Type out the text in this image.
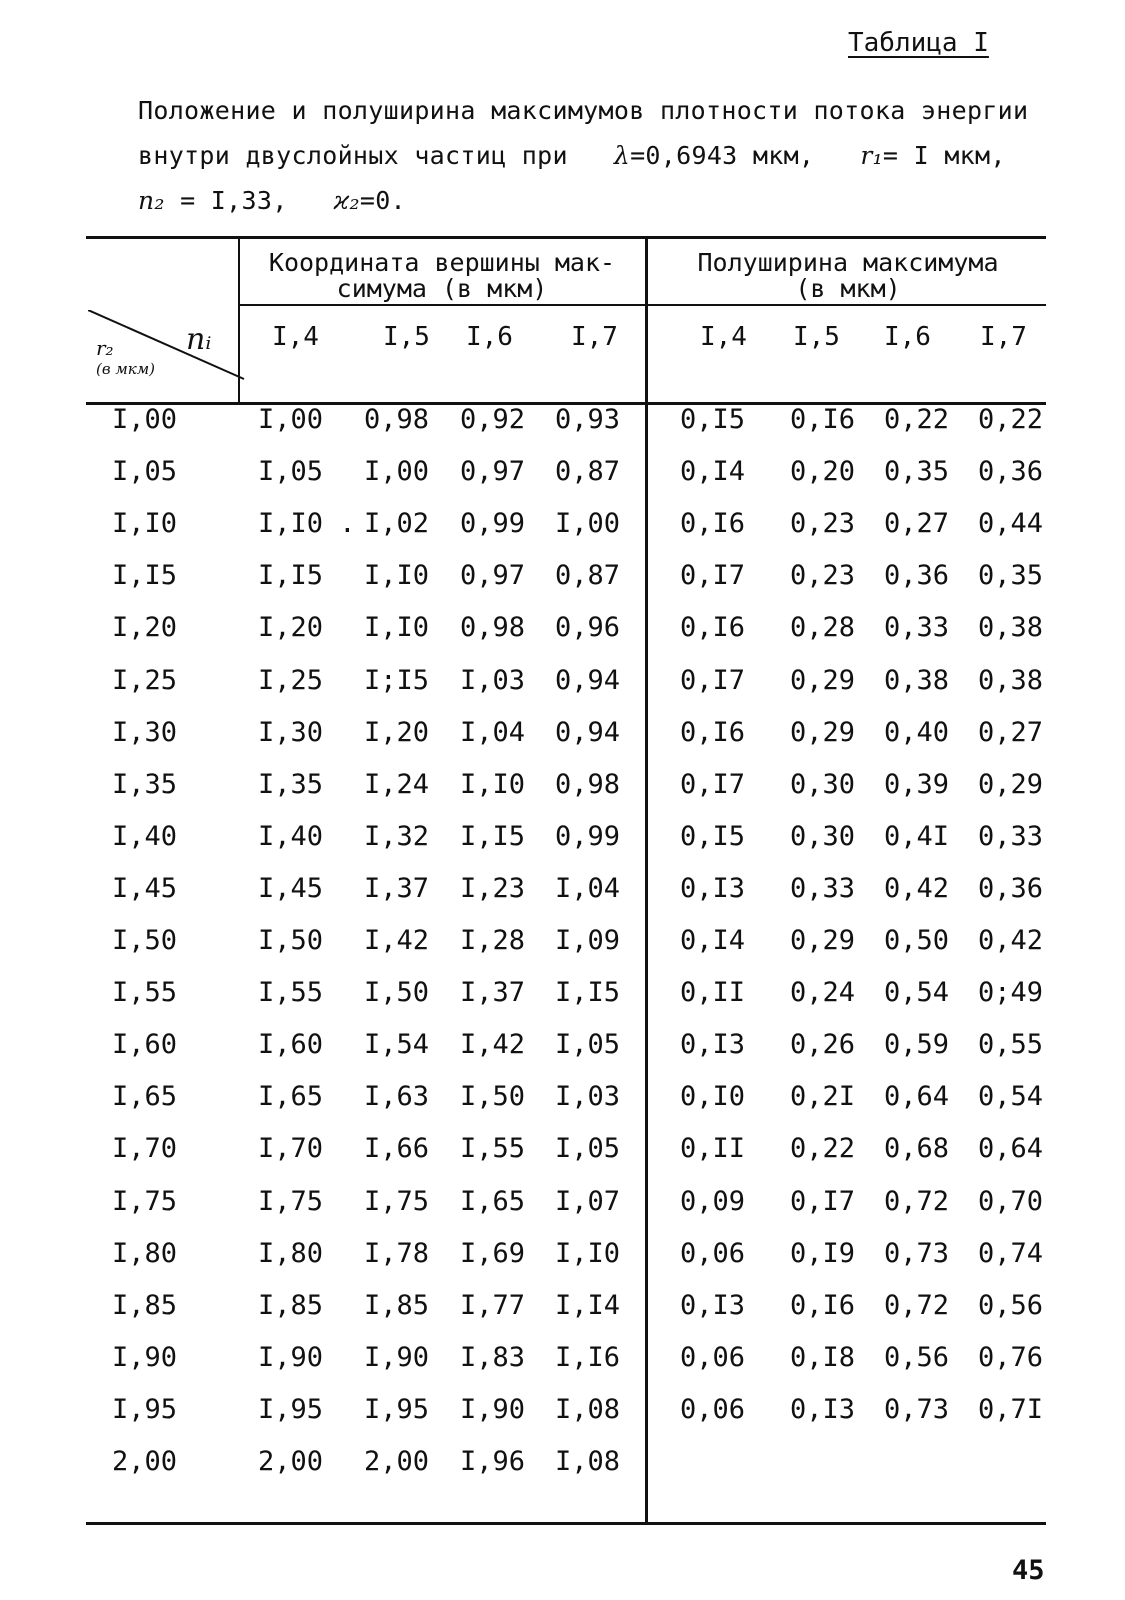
Таблица I
Положение и полуширина максимумов плотности потока энергии
внутри двуслойных частиц при λ=0,6943 мкм, r₁= I мкм,
n₂ = I,33, ϰ₂=0.
Координата вершины мак-
симума (в мкм)
Полуширина максимума
(в мкм)
r₂
(в мкм)
nᵢ I,4 I,5 I,6 I,7	I,4 I,5 I,6 I,7
I,00	I,00 0,98 0,92 0,93 0,I5 0,I6 0,22 0,22
I,05	I,05 I,00 0,97 0,87 0,I4 0,20 0,35 0,36
I,I0	I,I0 . I,02 0,99 I,00 0,I6 0,23 0,27 0,44
I,I5	I,I5 I,I0 0,97 0,87 0,I7 0,23 0,36 0,35
I,20	I,20 I,I0 0,98 0,96 0,I6 0,28 0,33 0,38
I,25	I,25 I;I5 I,03 0,94 0,I7 0,29 0,38 0,38
I,30	I,30 I,20 I,04 0,94 0,I6 0,29 0,40 0,27
I,35	I,35 I,24 I,I0 0,98 0,I7 0,30 0,39 0,29
I,40	I,40 I,32 I,I5 0,99 0,I5 0,30 0,4I 0,33
I,45	I,45 I,37 I,23 I,04 0,I3 0,33 0,42 0,36
I,50	I,50 I,42 I,28 I,09 0,I4 0,29 0,50 0,42
I,55	I,55 I,50 I,37 I,I5 0,II 0,24 0,54 0;49
I,60	I,60 I,54 I,42 I,05 0,I3 0,26 0,59 0,55
I,65	I,65 I,63 I,50 I,03 0,I0 0,2I 0,64 0,54
I,70	I,70 I,66 I,55 I,05 0,II 0,22 0,68 0,64
I,75	I,75 I,75 I,65 I,07 0,09 0,I7 0,72 0,70
I,80	I,80 I,78 I,69 I,I0 0,06 0,I9 0,73 0,74
I,85	I,85 I,85 I,77 I,I4 0,I3 0,I6 0,72 0,56
I,90	I,90 I,90 I,83 I,I6 0,06 0,I8 0,56 0,76
I,95	I,95 I,95 I,90 I,08 0,06 0,I3 0,73 0,7I
2,00	2,00 2,00 I,96 I,08
45
